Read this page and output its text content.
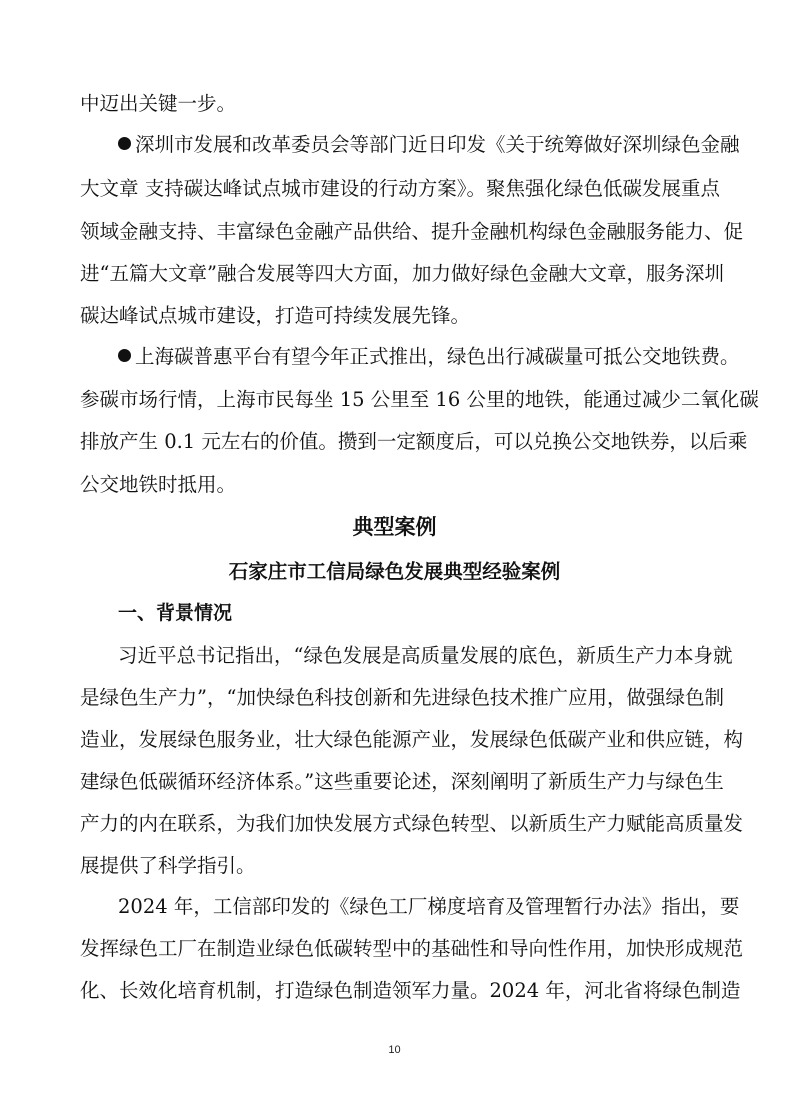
中迈出关键一步。
深圳市发展和改革委员会等部门近日印发《关于统筹做好深圳绿色金融
大文章 支持碳达峰试点城市建设的行动方案》。聚焦强化绿色低碳发展重点
领域金融支持、丰富绿色金融产品供给、提升金融机构绿色金融服务能力、促
进“五篇大文章”融合发展等四大方面，加力做好绿色金融大文章，服务深圳
碳达峰试点城市建设，打造可持续发展先锋。
上海碳普惠平台有望今年正式推出，绿色出行减碳量可抵公交地铁费。
参碳市场行情，上海市民每坐 15 公里至 16 公里的地铁，能通过减少二氧化碳
排放产生 0.1 元左右的价值。攒到一定额度后，可以兑换公交地铁券，以后乘
公交地铁时抵用。
典型案例
石家庄市工信局绿色发展典型经验案例
一、背景情况
习近平总书记指出，“绿色发展是高质量发展的底色，新质生产力本身就
是绿色生产力”，“加快绿色科技创新和先进绿色技术推广应用，做强绿色制
造业，发展绿色服务业，壮大绿色能源产业，发展绿色低碳产业和供应链，构
建绿色低碳循环经济体系。”这些重要论述，深刻阐明了新质生产力与绿色生
产力的内在联系，为我们加快发展方式绿色转型、以新质生产力赋能高质量发
展提供了科学指引。
2024 年，工信部印发的《绿色工厂梯度培育及管理暂行办法》指出，要
发挥绿色工厂在制造业绿色低碳转型中的基础性和导向性作用，加快形成规范
化、长效化培育机制，打造绿色制造领军力量。2024 年，河北省将绿色制造
10
